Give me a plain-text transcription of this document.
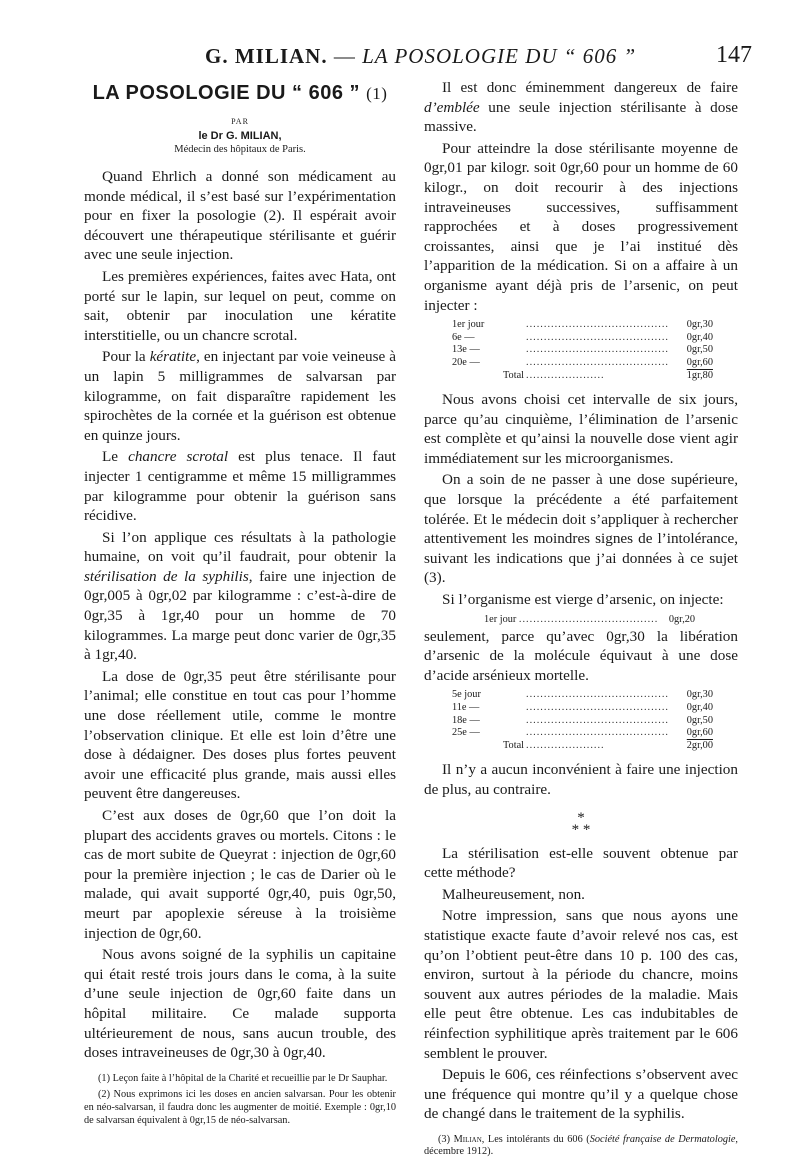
G. MILIAN. — LA POSOLOGIE DU “ 606 ”	147
LA POSOLOGIE DU “ 606 ” (1)
PAR
le Dr G. MILIAN,
Médecin des hôpitaux de Paris.

Quand Ehrlich a donné son médicament au monde médical, il s’est basé sur l’expérimentation pour en fixer la posologie (2). Il espérait avoir découvert une thérapeutique stérilisante et guérir avec une seule injection.

Les premières expériences, faites avec Hata, ont porté sur le lapin, sur lequel on peut, comme on sait, obtenir par inoculation une kératite interstitielle, ou un chancre scrotal.

Pour la kératite, en injectant par voie veineuse à un lapin 5 milligrammes de salvarsan par kilogramme, on fait disparaître rapidement les spirochètes de la cornée et la guérison est obtenue en quinze jours.

Le chancre scrotal est plus tenace. Il faut injecter 1 centigramme et même 15 milligrammes par kilogramme pour obtenir la guérison sans récidive.

Si l’on applique ces résultats à la pathologie humaine, on voit qu’il faudrait, pour obtenir la stérilisation de la syphilis, faire une injection de 0gr,005 à 0gr,02 par kilogramme : c’est-à-dire de 0gr,35 à 1gr,40 pour un homme de 70 kilogrammes. La marge peut donc varier de 0gr,35 à 1gr,40.

La dose de 0gr,35 peut être stérilisante pour l’animal; elle constitue en tout cas pour l’homme une dose réellement utile, comme le montre l’observation clinique. Et elle est loin d’être une dose à dédaigner. Des doses plus fortes peuvent avoir une efficacité plus grande, mais aussi elles peuvent être dangereuses.

C’est aux doses de 0gr,60 que l’on doit la plupart des accidents graves ou mortels. Citons : le cas de mort subite de Queyrat : injection de 0gr,60 pour la première injection ; le cas de Darier où le malade, qui avait supporté 0gr,40, puis 0gr,50, meurt par apoplexie séreuse à la troisième injection de 0gr,60.

Nous avons soigné de la syphilis un capitaine qui était resté trois jours dans le coma, à la suite d’une seule injection de 0gr,60 faite dans un hôpital militaire. Ce malade supporta ultérieurement de nous, sans aucun trouble, des doses intraveineuses de 0gr,30 à 0gr,40.

(1) Leçon faite à l’hôpital de la Charité et recueillie par le Dr Sauphar.

(2) Nous exprimons ici les doses en ancien salvarsan. Pour les obtenir en néo-salvarsan, il faudra donc les augmenter de moitié. Exemple : 0gr,10 de salvarsan équivalent à 0gr,15 de néo-salvarsan.

Il est donc éminemment dangereux de faire d’emblée une seule injection stérilisante à dose massive.

Pour atteindre la dose stérilisante moyenne de 0gr,01 par kilogr. soit 0gr,60 pour un homme de 60 kilogr., on doit recourir à des injections intraveineuses successives, suffisamment rapprochées et à doses progressivement croissantes, ainsi que je l’ai institué dès l’apparition de la médication. Si on a affaire à un organisme ayant déjà pris de l’arsenic, on peut injecter :

1er jour	........................................	0gr,30
6e —	........................................	0gr,40
13e —	........................................	0gr,50
20e —	........................................	0gr,60
Total	......................	1gr,80

Nous avons choisi cet intervalle de six jours, parce qu’au cinquième, l’élimination de l’arsenic est complète et qu’ainsi la nouvelle dose vient agir immédiatement sur les microorganismes.

On a soin de ne passer à une dose supérieure, que lorsque la précédente a été parfaitement tolérée. Et le médecin doit s’appliquer à rechercher attentivement les moindres signes de l’intolérance, suivant les indications que j’ai données à ce sujet (3).

Si l’organisme est vierge d’arsenic, on injecte:

1er jour ....................................... 0gr,20

seulement, parce qu’avec 0gr,30 la libération d’arsenic de la molécule équivaut à une dose d’acide arsénieux mortelle.

5e jour	........................................	0gr,30
11e —	........................................	0gr,40
18e —	........................................	0gr,50
25e —	........................................	0gr,60
Total	......................	2gr,00

Il n’y a aucun inconvénient à faire une injection de plus, au contraire.

*
* *

La stérilisation est-elle souvent obtenue par cette méthode?

Malheureusement, non.

Notre impression, sans que nous ayons une statistique exacte faute d’avoir relevé nos cas, est qu’on l’obtient peut-être dans 10 p. 100 des cas, environ, surtout à la période du chancre, moins souvent aux autres périodes de la maladie. Mais elle peut être obtenue. Les cas indubitables de réinfection syphilitique après traitement par le 606 semblent le prouver.

Depuis le 606, ces réinfections s’observent avec une fréquence qui montre qu’il y a quelque chose de changé dans le traitement de la syphilis.

(3) Milian, Les intolérants du 606 (Société française de Dermatologie, décembre 1912).
